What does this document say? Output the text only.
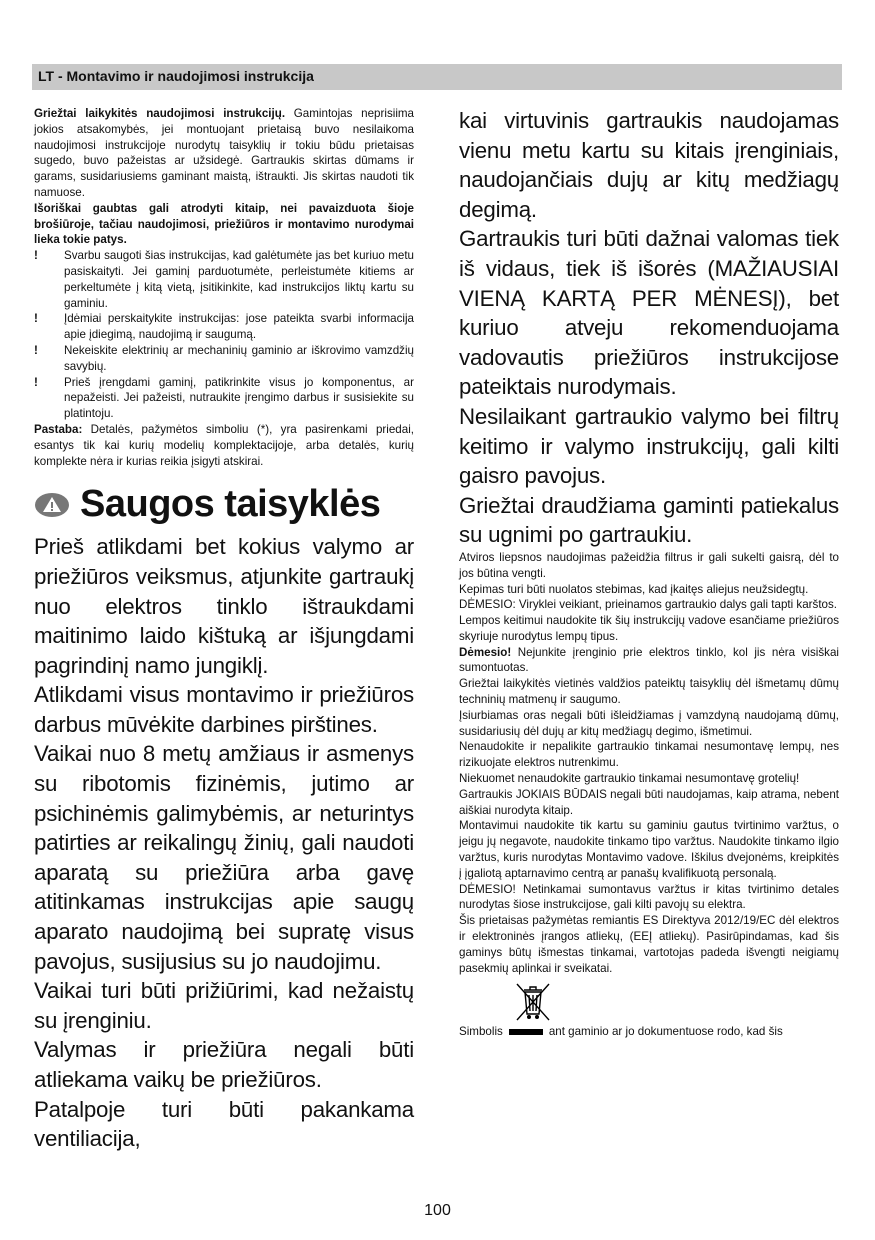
LT - Montavimo ir naudojimosi instrukcija

Griežtai laikykitės naudojimosi instrukcijų. Gamintojas neprisiima jokios atsakomybės, jei montuojant prietaisą buvo nesilaikoma naudojimosi instrukcijoje nurodytų taisyklių ir tokiu būdu prietaisas sugedo, buvo pažeistas ar užsidegė. Gartraukis skirtas dūmams ir garams, susidariusiems gaminant maistą, ištraukti. Jis skirtas naudoti tik namuose.

Išoriškai gaubtas gali atrodyti kitaip, nei pavaizduota šioje brošiūroje, tačiau naudojimosi, priežiūros ir montavimo nurodymai lieka tokie patys.

! Svarbu saugoti šias instrukcijas, kad galėtumėte jas bet kuriuo metu pasiskaityti. Jei gaminį parduotumėte, perleistumėte kitiems ar perkeltumėte į kitą vietą, įsitikinkite, kad instrukcijos liktų kartu su gaminiu.
! Įdėmiai perskaitykite instrukcijas: jose pateikta svarbi informacija apie įdiegimą, naudojimą ir saugumą.
! Nekeiskite elektrinių ar mechaninių gaminio ar iškrovimo vamzdžių savybių.
! Prieš įrengdami gaminį, patikrinkite visus jo komponentus, ar nepažeisti. Jei pažeisti, nutraukite įrengimo darbus ir susisiekite su platintoju.

Pastaba: Detalės, pažymėtos simboliu (*), yra pasirenkami priedai, esantys tik kai kurių modelių komplektacijoje, arba detalės, kurių komplekte nėra ir kurias reikia įsigyti atskirai.

Saugos taisyklės

Prieš atlikdami bet kokius valymo ar priežiūros veiksmus, atjunkite gartraukį nuo elektros tinklo ištraukdami maitinimo laido kištuką ar išjungdami pagrindinį namo jungiklį.

Atlikdami visus montavimo ir priežiūros darbus mūvėkite darbines pirštines.

Vaikai nuo 8 metų amžiaus ir asmenys su ribotomis fizinėmis, jutimo ar psichinėmis galimybėmis, ar neturintys patirties ar reikalingų žinių, gali naudoti aparatą su priežiūra arba gavę atitinkamas instrukcijas apie saugų aparato naudojimą bei supratę visus pavojus, susijusius su jo naudojimu.

Vaikai turi būti prižiūrimi, kad nežaistų su įrenginiu.

Valymas ir priežiūra negali būti atliekama vaikų be priežiūros.

Patalpoje turi būti pakankama ventiliacija,

kai virtuvinis gartraukis naudojamas vienu metu kartu su kitais įrenginiais, naudojančiais dujų ar kitų medžiagų degimą.

Gartraukis turi būti dažnai valomas tiek iš vidaus, tiek iš išorės (MAŽIAUSIAI VIENĄ KARTĄ PER MĖNESĮ), bet kuriuo atveju rekomenduojama vadovautis priežiūros instrukcijose pateiktais nurodymais.

Nesilaikant gartraukio valymo bei filtrų keitimo ir valymo instrukcijų, gali kilti gaisro pavojus.

Griežtai draudžiama gaminti patiekalus su ugnimi po gartraukiu.

Atviros liepsnos naudojimas pažeidžia filtrus ir gali sukelti gaisrą, dėl to jos būtina vengti.

Kepimas turi būti nuolatos stebimas, kad įkaitęs aliejus neužsidegtų.

DĖMESIO: Viryklei veikiant, prieinamos gartraukio dalys gali tapti karštos.

Lempos keitimui naudokite tik šių instrukcijų vadove esančiame priežiūros skyriuje nurodytus lempų tipus.

Dėmesio! Nejunkite įrenginio prie elektros tinklo, kol jis nėra visiškai sumontuotas.

Griežtai laikykitės vietinės valdžios pateiktų taisyklių dėl išmetamų dūmų techninių matmenų ir saugumo.

Įsiurbiamas oras negali būti išleidžiamas į vamzdyną naudojamą dūmų, susidariusių dėl dujų ar kitų medžiagų degimo, išmetimui.

Nenaudokite ir nepalikite gartraukio tinkamai nesumontavę lempų, nes rizikuojate elektros nutrenkimu.

Niekuomet nenaudokite gartraukio tinkamai nesumontavę grotelių!

Gartraukis JOKIAIS BŪDAIS negali būti naudojamas, kaip atrama, nebent aiškiai nurodyta kitaip.

Montavimui naudokite tik kartu su gaminiu gautus tvirtinimo varžtus, o jeigu jų negavote, naudokite tinkamo tipo varžtus. Naudokite tinkamo ilgio varžtus, kuris nurodytas Montavimo vadove. Iškilus dvejonėms, kreipkitės į įgaliotą aptarnavimo centrą ar panašų kvalifikuotą personalą.

DĖMESIO! Netinkamai sumontavus varžtus ir kitas tvirtinimo detales nurodytas šiose instrukcijose, gali kilti pavojų su elektra.

Šis prietaisas pažymėtas remiantis ES Direktyva 2012/19/EC dėl elektros ir elektroninės įrangos atliekų, (EEĮ atliekų). Pasirūpindamas, kad šis gaminys būtų išmestas tinkamai, vartotojas padeda išvengti neigiamų pasekmių aplinkai ir sveikatai.

Simbolis	ant gaminio ar jo dokumentuose rodo, kad šis
100
